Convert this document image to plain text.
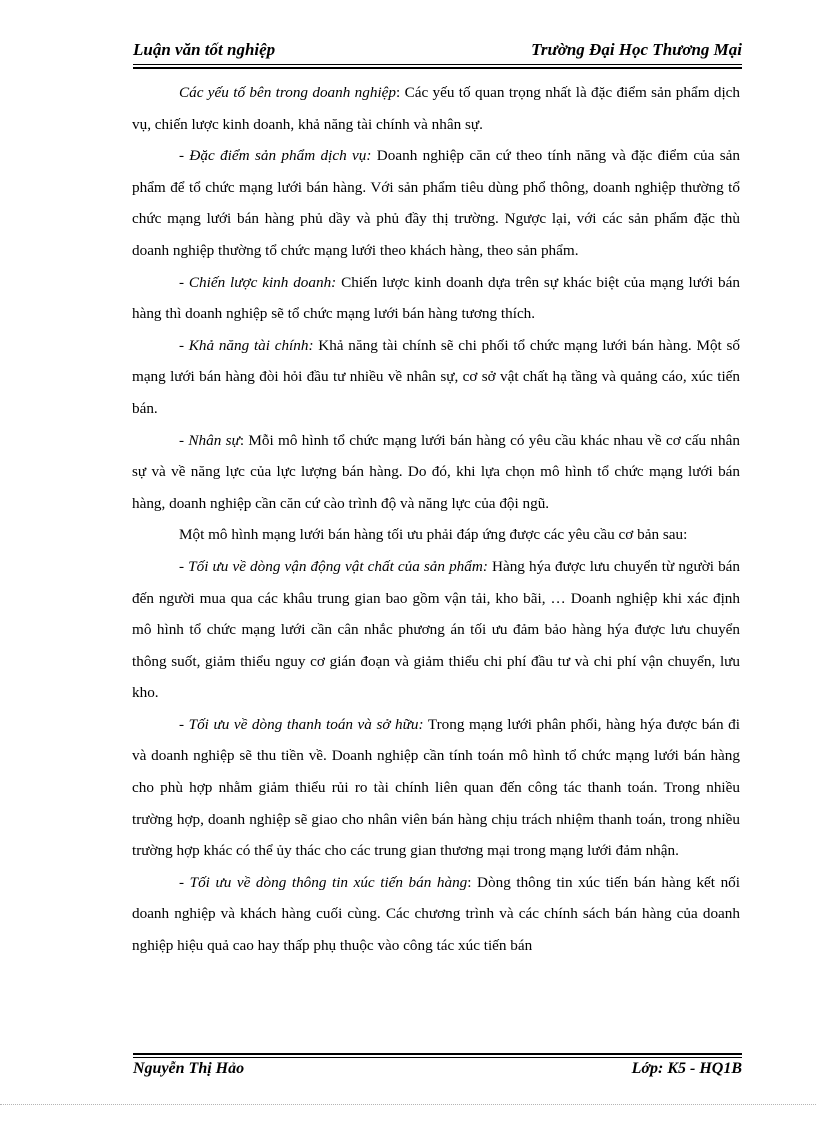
Luận văn tốt nghiệp	Trường Đại Học Thương Mại

Các yếu tố bên trong doanh nghiệp: Các yếu tố quan trọng nhất là đặc điểm sản phẩm dịch vụ, chiến lược kinh doanh, khả năng tài chính và nhân sự.

- Đặc điểm sản phẩm dịch vụ: Doanh nghiệp căn cứ theo tính năng và đặc điểm của sản phẩm để tổ chức mạng lưới bán hàng. Với sản phẩm tiêu dùng phổ thông, doanh nghiệp thường tổ chức mạng lưới bán hàng phủ dầy và phủ đầy thị trường. Ngược lại, với các sản phẩm đặc thù doanh nghiệp thường tổ chức mạng lưới theo khách hàng, theo sản phẩm.

- Chiến lược kinh doanh: Chiến lược kinh doanh dựa trên sự khác biệt của mạng lưới bán hàng thì doanh nghiệp sẽ tổ chức mạng lưới bán hàng tương thích.

- Khả năng tài chính: Khả năng tài chính sẽ chi phối tổ chức mạng lưới bán hàng. Một số mạng lưới bán hàng đòi hỏi đầu tư nhiều về nhân sự, cơ sở vật chất hạ tầng và quảng cáo, xúc tiến bán.

- Nhân sự: Mỗi mô hình tổ chức mạng lưới bán hàng có yêu cầu khác nhau về cơ cấu nhân sự và về năng lực của lực lượng bán hàng. Do đó, khi lựa chọn mô hình tổ chức mạng lưới bán hàng, doanh nghiệp cần căn cứ cào trình độ và năng lực của đội ngũ.

Một mô hình mạng lưới bán hàng tối ưu phải đáp ứng được các yêu cầu cơ bản sau:

- Tối ưu về dòng vận động vật chất của sản phẩm: Hàng hýa được lưu chuyển từ người bán đến người mua qua các khâu trung gian bao gồm vận tải, kho bãi, … Doanh nghiệp khi xác định mô hình tổ chức mạng lưới cần cân nhắc phương án tối ưu đảm bảo hàng hýa được lưu chuyển thông suốt, giảm thiểu nguy cơ gián đoạn và giảm thiểu chi phí đầu tư và chi phí vận chuyển, lưu kho.

- Tối ưu về dòng thanh toán và sở hữu: Trong mạng lưới phân phối, hàng hýa được bán đi và doanh nghiệp sẽ thu tiền về. Doanh nghiệp cần tính toán mô hình tổ chức mạng lưới bán hàng cho phù hợp nhằm giảm thiểu rủi ro tài chính liên quan đến công tác thanh toán. Trong nhiều trường hợp, doanh nghiệp sẽ giao cho nhân viên bán hàng chịu trách nhiệm thanh toán, trong nhiều trường hợp khác có thể ủy thác cho các trung gian thương mại trong mạng lưới đảm nhận.

- Tối ưu về dòng thông tin xúc tiến bán hàng: Dòng thông tin xúc tiến bán hàng kết nối doanh nghiệp và khách hàng cuối cùng. Các chương trình và các chính sách bán hàng của doanh nghiệp hiệu quả cao hay thấp phụ thuộc vào công tác xúc tiến bán

Nguyễn Thị Hảo	Lớp: K5 - HQ1B
